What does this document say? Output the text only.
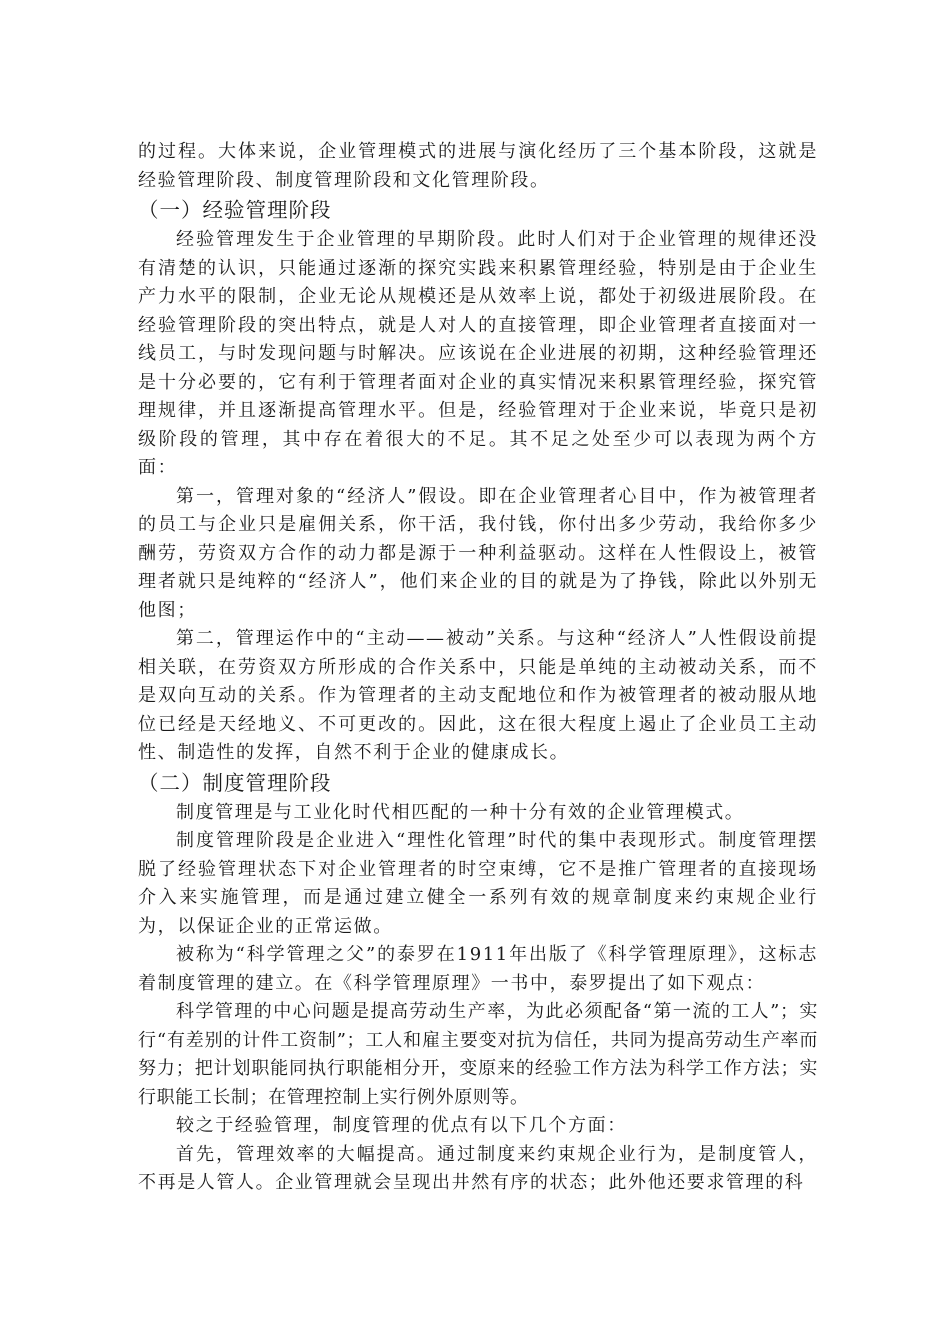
的过程。大体来说，企业管理模式的进展与演化经历了三个基本阶段，这就是经验管理阶段、制度管理阶段和文化管理阶段。

（一）经验管理阶段

经验管理发生于企业管理的早期阶段。此时人们对于企业管理的规律还没有清楚的认识，只能通过逐渐的探究实践来积累管理经验，特别是由于企业生产力水平的限制，企业无论从规模还是从效率上说，都处于初级进展阶段。在经验管理阶段的突出特点，就是人对人的直接管理，即企业管理者直接面对一线员工，与时发现问题与时解决。应该说在企业进展的初期，这种经验管理还是十分必要的，它有利于管理者面对企业的真实情况来积累管理经验，探究管理规律，并且逐渐提高管理水平。但是，经验管理对于企业来说，毕竟只是初级阶段的管理，其中存在着很大的不足。其不足之处至少可以表现为两个方面：

第一，管理对象的“经济人”假设。即在企业管理者心目中，作为被管理者的员工与企业只是雇佣关系，你干活，我付钱，你付出多少劳动，我给你多少酬劳，劳资双方合作的动力都是源于一种利益驱动。这样在人性假设上，被管理者就只是纯粹的“经济人”，他们来企业的目的就是为了挣钱，除此以外别无他图；

第二，管理运作中的“主动——被动”关系。与这种“经济人”人性假设前提相关联，在劳资双方所形成的合作关系中，只能是单纯的主动被动关系，而不是双向互动的关系。作为管理者的主动支配地位和作为被管理者的被动服从地位已经是天经地义、不可更改的。因此，这在很大程度上遏止了企业员工主动性、制造性的发挥，自然不利于企业的健康成长。

（二）制度管理阶段

制度管理是与工业化时代相匹配的一种十分有效的企业管理模式。

制度管理阶段是企业进入“理性化管理”时代的集中表现形式。制度管理摆脱了经验管理状态下对企业管理者的时空束缚，它不是推广管理者的直接现场介入来实施管理，而是通过建立健全一系列有效的规章制度来约束规企业行为，以保证企业的正常运做。

被称为“科学管理之父”的泰罗在1911年出版了《科学管理原理》，这标志着制度管理的建立。在《科学管理原理》一书中，泰罗提出了如下观点：

科学管理的中心问题是提高劳动生产率，为此必须配备“第一流的工人”；实行“有差别的计件工资制”；工人和雇主要变对抗为信任，共同为提高劳动生产率而努力；把计划职能同执行职能相分开，变原来的经验工作方法为科学工作方法；实行职能工长制；在管理控制上实行例外原则等。

较之于经验管理，制度管理的优点有以下几个方面：

首先，管理效率的大幅提高。通过制度来约束规企业行为，是制度管人，不再是人管人。企业管理就会呈现出井然有序的状态；此外他还要求管理的科
